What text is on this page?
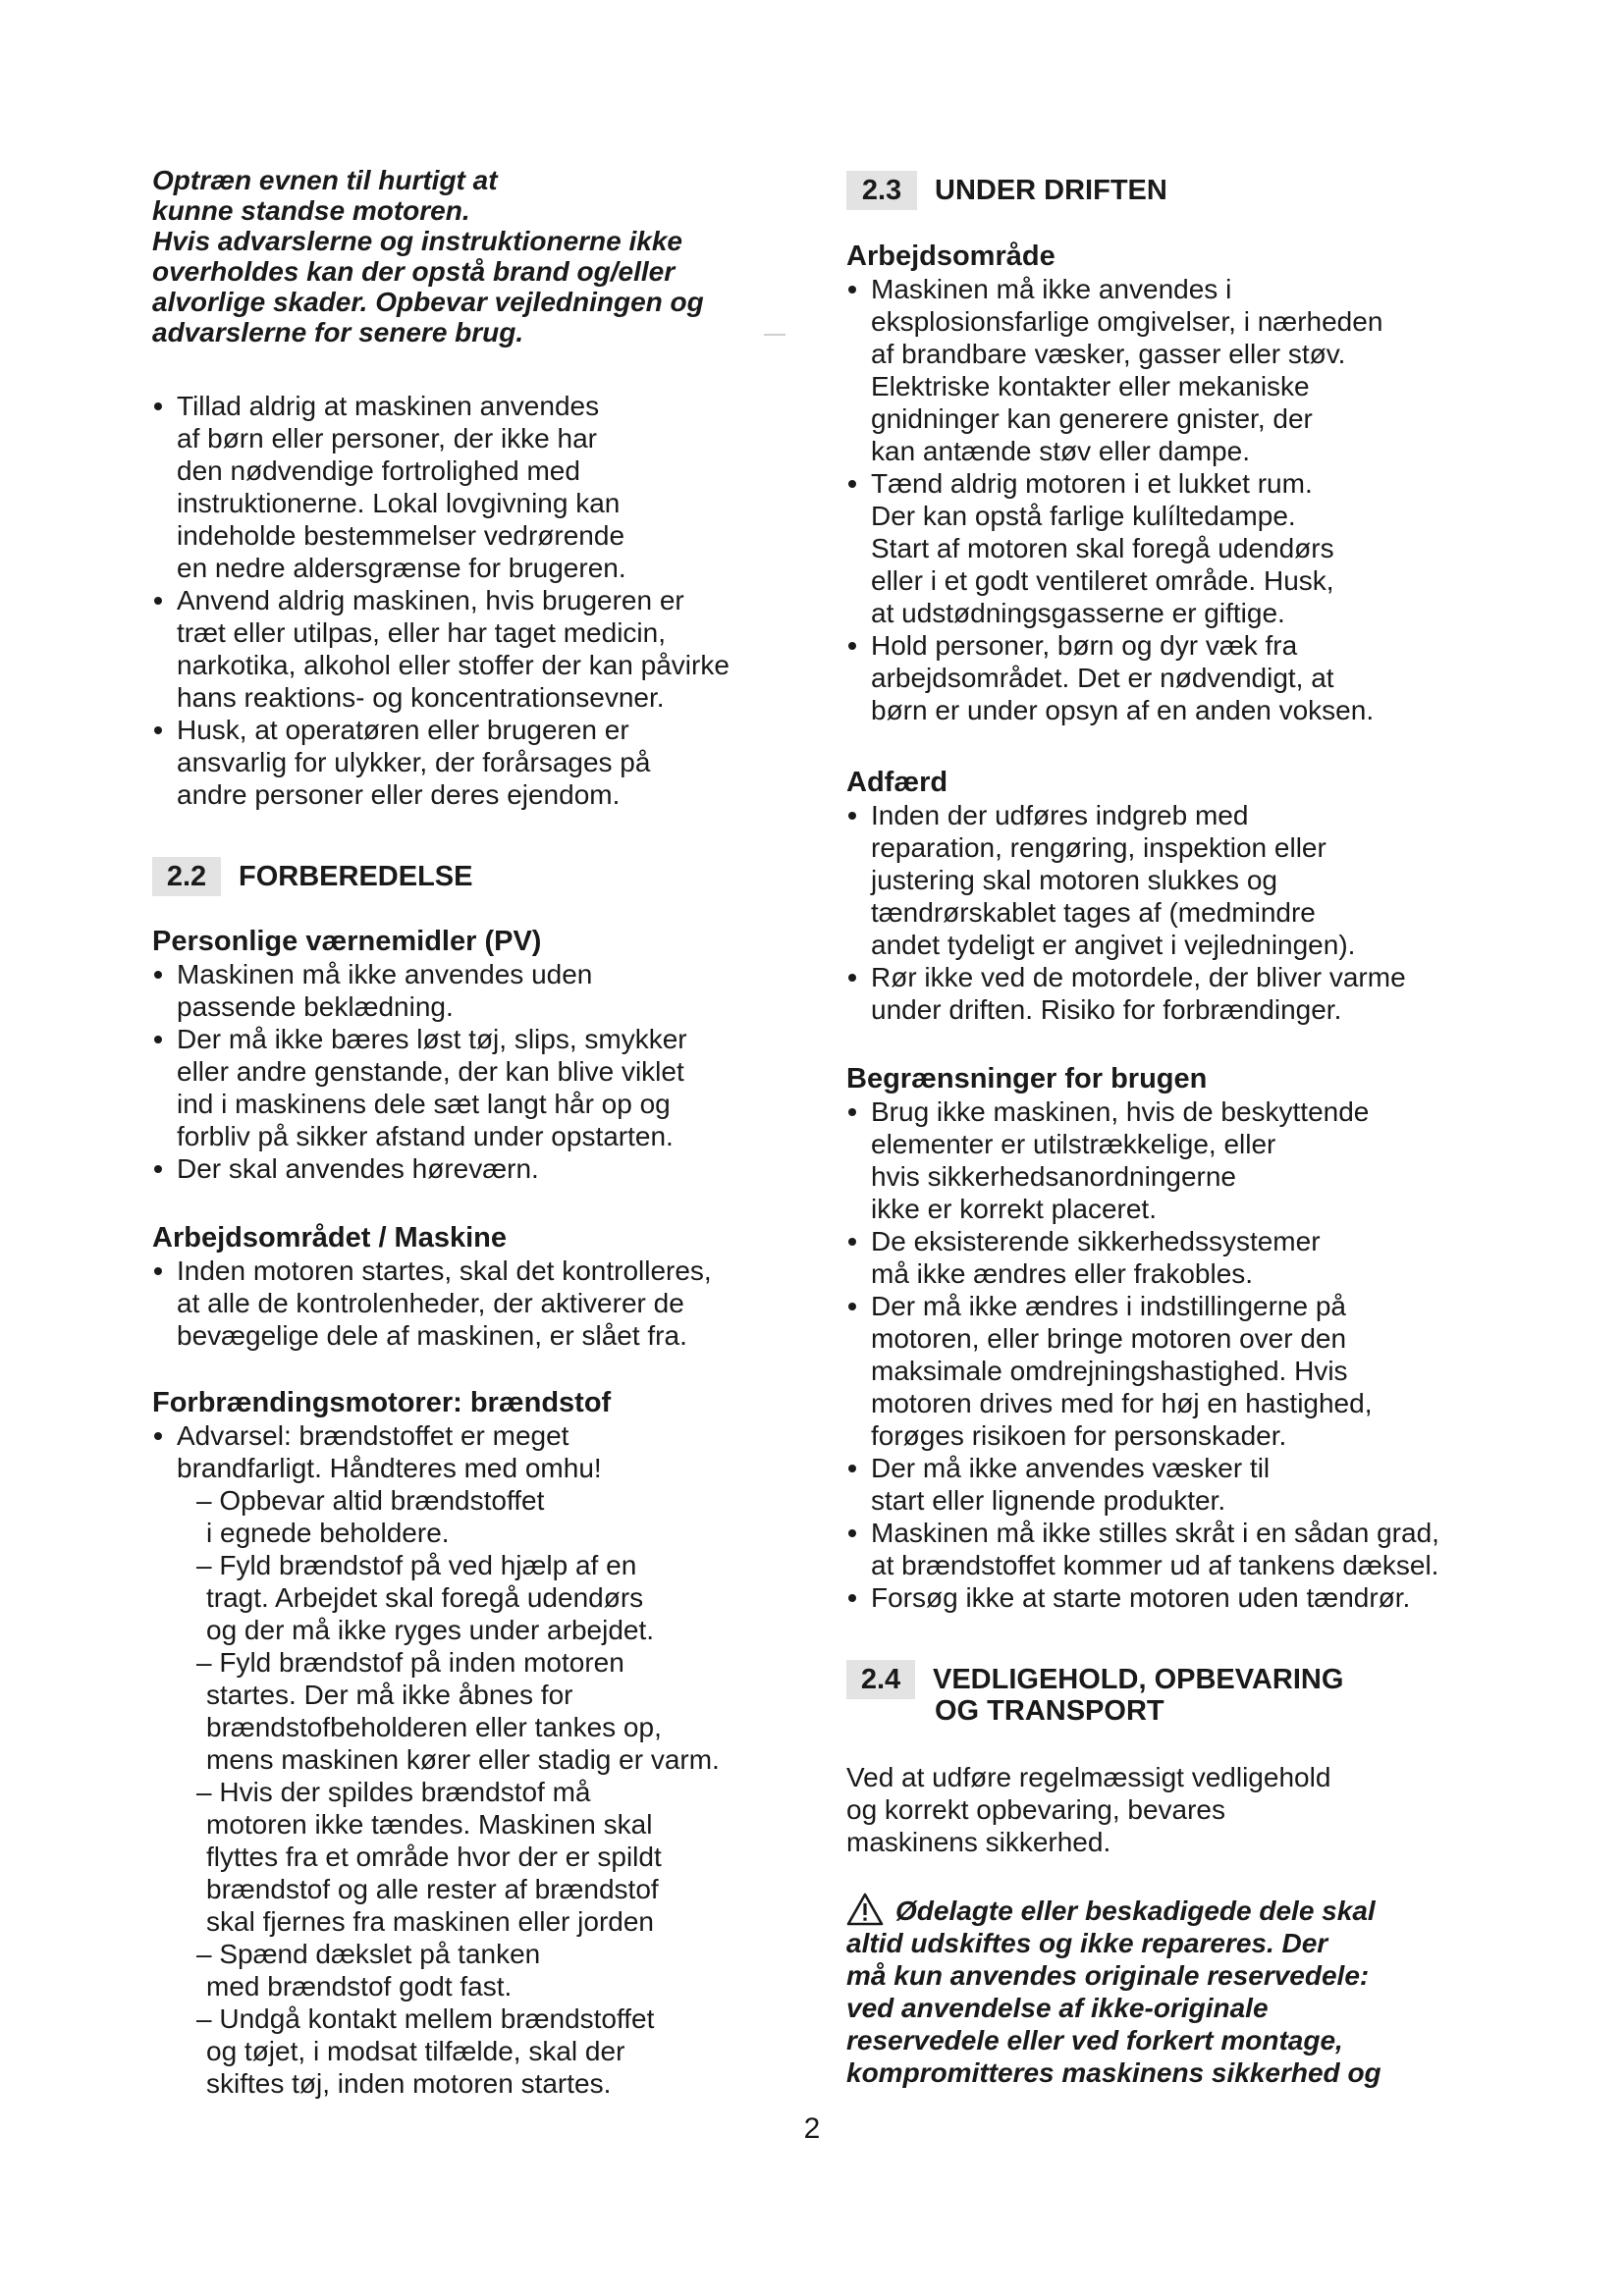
Optræn evnen til hurtigt at
kunne standse motoren.
Hvis advarslerne og instruktionerne ikke
overholdes kan der opstå brand og/eller
alvorlige skader. Opbevar vejledningen og
advarslerne for senere brug.
Tillad aldrig at maskinen anvendes
af børn eller personer, der ikke har
den nødvendige fortrolighed med
instruktionerne. Lokal lovgivning kan
indeholde bestemmelser vedrørende
en nedre aldersgrænse for brugeren.
Anvend aldrig maskinen, hvis brugeren er
træt eller utilpas, eller har taget medicin,
narkotika, alkohol eller stoffer der kan påvirke
hans reaktions- og koncentrationsevner.
Husk, at operatøren eller brugeren er
ansvarlig for ulykker, der forårsages på
andre personer eller deres ejendom.
2.2	FORBEREDELSE
Personlige værnemidler (PV)
Maskinen må ikke anvendes uden
passende beklædning.
Der må ikke bæres løst tøj, slips, smykker
eller andre genstande, der kan blive viklet
ind i maskinens dele sæt langt hår op og
forbliv på sikker afstand under opstarten.
Der skal anvendes høreværn.
Arbejdsområdet / Maskine
Inden motoren startes, skal det kontrolleres,
at alle de kontrolenheder, der aktiverer de
bevægelige dele af maskinen, er slået fra.
Forbrændingsmotorer: brændstof
Advarsel: brændstoffet er meget
brandfarligt. Håndteres med omhu!
– Opbevar altid brændstoffet
i egnede beholdere.
– Fyld brændstof på ved hjælp af en
tragt. Arbejdet skal foregå udendørs
og der må ikke ryges under arbejdet.
– Fyld brændstof på inden motoren
startes. Der må ikke åbnes for
brændstofbeholderen eller tankes op,
mens maskinen kører eller stadig er varm.
– Hvis der spildes brændstof må
motoren ikke tændes. Maskinen skal
flyttes fra et område hvor der er spildt
brændstof og alle rester af brændstof
skal fjernes fra maskinen eller jorden
– Spænd dækslet på tanken
med brændstof godt fast.
– Undgå kontakt mellem brændstoffet
og tøjet, i modsat tilfælde, skal der
skiftes tøj, inden motoren startes.
2.3	UNDER DRIFTEN
Arbejdsområde
Maskinen må ikke anvendes i
eksplosionsfarlige omgivelser, i nærheden
af brandbare væsker, gasser eller støv.
Elektriske kontakter eller mekaniske
gnidninger kan generere gnister, der
kan antænde støv eller dampe.
Tænd aldrig motoren i et lukket rum.
Der kan opstå farlige kulíltedampe.
Start af motoren skal foregå udendørs
eller i et godt ventileret område. Husk,
at udstødningsgasserne er giftige.
Hold personer, børn og dyr væk fra
arbejdsområdet. Det er nødvendigt, at
børn er under opsyn af en anden voksen.
Adfærd
Inden der udføres indgreb med
reparation, rengøring, inspektion eller
justering skal motoren slukkes og
tændrørskablet tages af (medmindre
andet tydeligt er angivet i vejledningen).
Rør ikke ved de motordele, der bliver varme
under driften. Risiko for forbrændinger.
Begrænsninger for brugen
Brug ikke maskinen, hvis de beskyttende
elementer er utilstrækkelige, eller
hvis sikkerhedsanordningerne
ikke er korrekt placeret.
De eksisterende sikkerhedssystemer
må ikke ændres eller frakobles.
Der må ikke ændres i indstillingerne på
motoren, eller bringe motoren over den
maksimale omdrejningshastighed. Hvis
motoren drives med for høj en hastighed,
forøges risikoen for personskader.
Der må ikke anvendes væsker til
start eller lignende produkter.
Maskinen må ikke stilles skråt i en sådan grad,
at brændstoffet kommer ud af tankens dæksel.
Forsøg ikke at starte motoren uden tændrør.
2.4	VEDLIGEHOLD, OPBEVARING
OG TRANSPORT

Ved at udføre regelmæssigt vedligehold
og korrekt opbevaring, bevares
maskinens sikkerhed.

Ødelagte eller beskadigede dele skal
altid udskiftes og ikke repareres. Der
må kun anvendes originale reservedele:
ved anvendelse af ikke-originale
reservedele eller ved forkert montage,
kompromitteres maskinens sikkerhed og

2
